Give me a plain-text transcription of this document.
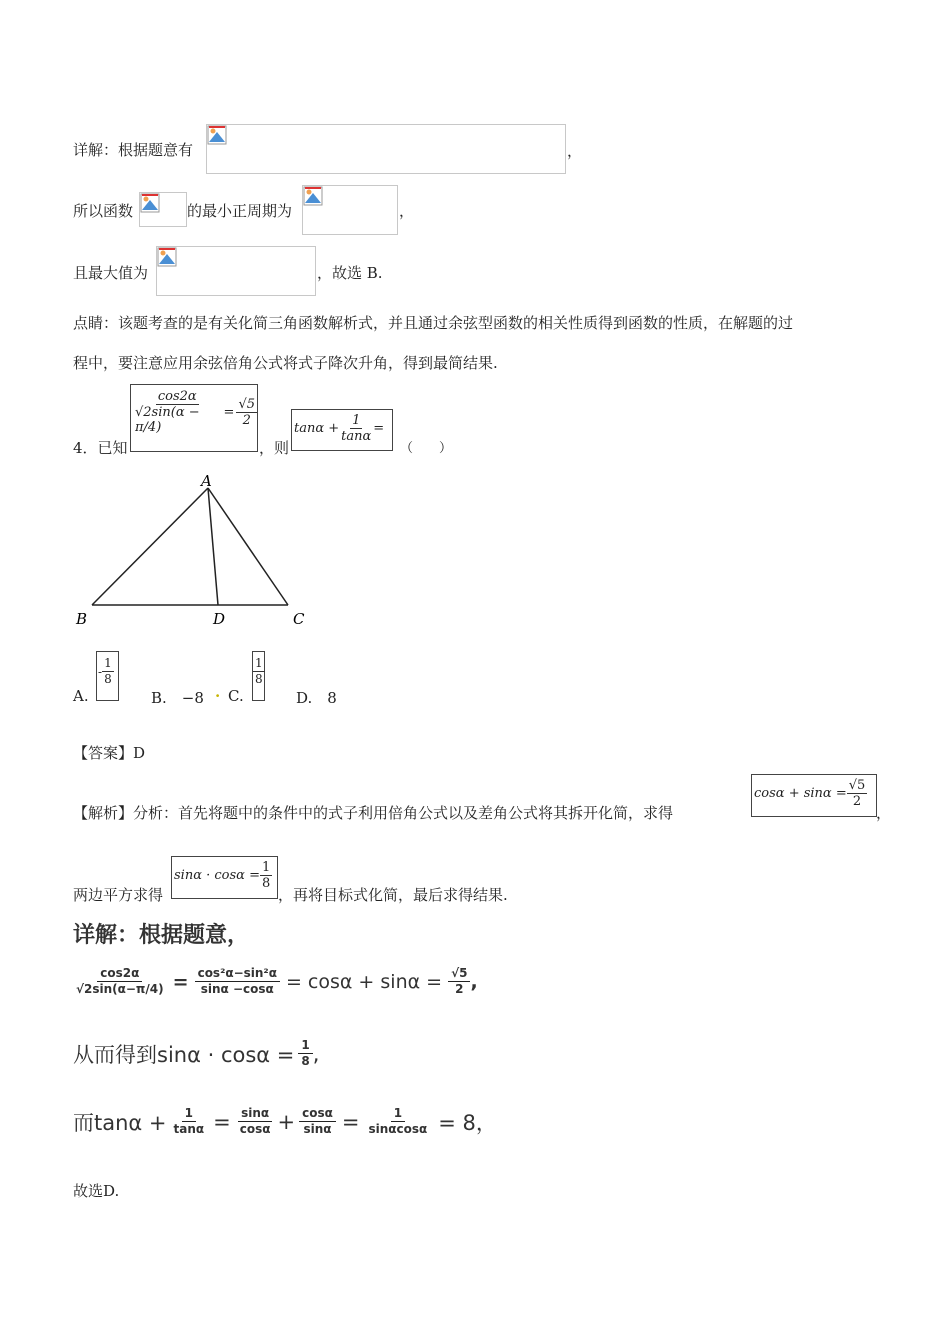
详解：根据题意有	，
所以函数	的最小正周期为	，
且最大值为	，故选 B.
点睛：该题考查的是有关化简三角函数解析式，并且通过余弦型函数的相关性质得到函数的性质，在解题的过
程中，要注意应用余弦倍角公式将式子降次升角，得到最简结果.
4．已知
$\frac{\cos 2\alpha}{√2\sin(\alpha - \pi/4)} = \frac{√5}{2}$
，则
$\tan\alpha + \frac{1}{\tan\alpha}$ =
（　　）
A
B	D	C
A.
- $\frac{1}{8}$
B.　−8 . C.
$\frac{1}{8}$
D.　8
【答案】D
【解析】分析：首先将题中的条件中的式子利用倍角公式以及差角公式将其拆开化简，求得
$\cos\alpha + \sin\alpha = \frac{√5}{2}$
，
两边平方求得
$\sin\alpha \cdot \cos\alpha = \frac{1}{8}$
，再将目标式化简，最后求得结果.
详解：根据题意，
$\frac{\cos 2\alpha}{√2\sin(\alpha-\pi/4)} = \frac{\text{cos²α−sin²α}}{\sin\alpha -\cos\alpha} = \cos\alpha + \sin\alpha = \frac{√5}{2}$ ,
从而得到$\sin\alpha \cdot \cos\alpha = \frac{1}{8}$ ,
而$\tan\alpha + \frac{1}{\tan\alpha} = \frac{\sin\alpha}{\cos\alpha} + \frac{\cos\alpha}{\sin\alpha} = \frac{1}{\sin\alpha\cos\alpha} = 8$，
故选D.
